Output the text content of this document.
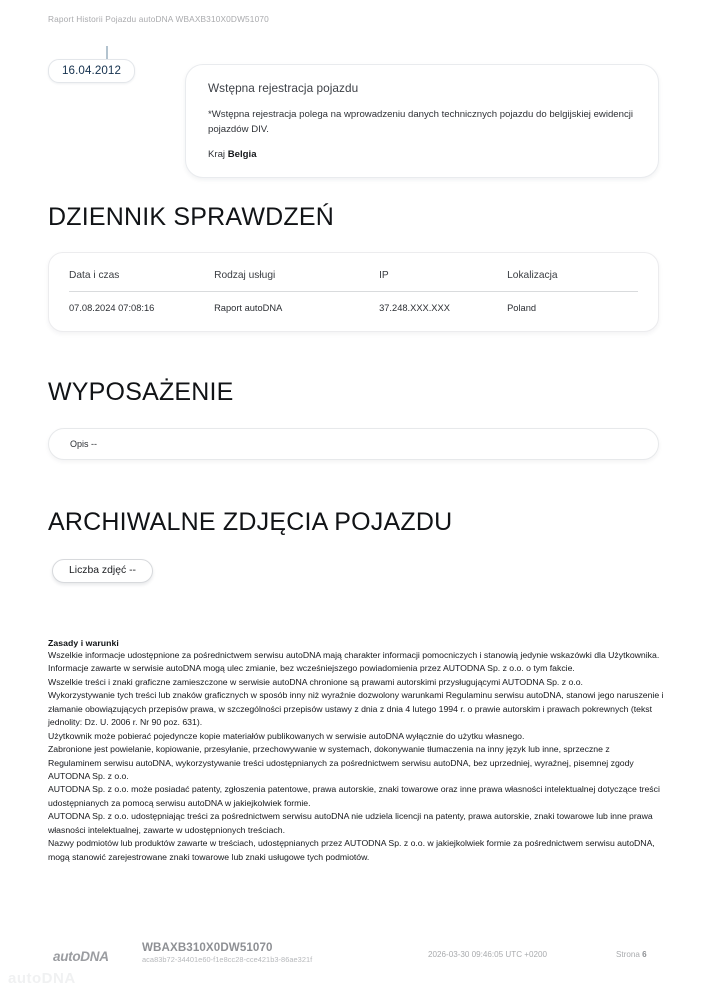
Raport Historii Pojazdu autoDNA WBAXB310X0DW51070
16.04.2012
Wstępna rejestracja pojazdu
*Wstępna rejestracja polega na wprowadzeniu danych technicznych pojazdu do belgijskiej ewidencji pojazdów DIV.
Kraj Belgia
DZIENNIK SPRAWDZEŃ
Data i czas	Rodzaj usługi	IP	Lokalizacja
07.08.2024 07:08:16	Raport autoDNA	37.248.XXX.XXX	Poland
WYPOSAŻENIE
Opis --
ARCHIWALNE ZDJĘCIA POJAZDU
Liczba zdjęć --
Zasady i warunki

Wszelkie informacje udostępnione za pośrednictwem serwisu autoDNA mają charakter informacji pomocniczych i stanowią jedynie wskazówki dla Użytkownika.

Informacje zawarte w serwisie autoDNA mogą ulec zmianie, bez wcześniejszego powiadomienia przez AUTODNA Sp. z o.o. o tym fakcie.

Wszelkie treści i znaki graficzne zamieszczone w serwisie autoDNA chronione są prawami autorskimi przysługującymi AUTODNA Sp. z o.o.

Wykorzystywanie tych treści lub znaków graficznych w sposób inny niż wyraźnie dozwolony warunkami Regulaminu serwisu autoDNA, stanowi jego naruszenie i złamanie obowiązujących przepisów prawa, w szczególności przepisów ustawy z dnia z dnia 4 lutego 1994 r. o prawie autorskim i prawach pokrewnych (tekst jednolity: Dz. U. 2006 r. Nr 90 poz. 631).

Użytkownik może pobierać pojedyncze kopie materiałów publikowanych w serwisie autoDNA wyłącznie do użytku własnego.

Zabronione jest powielanie, kopiowanie, przesyłanie, przechowywanie w systemach, dokonywanie tłumaczenia na inny język lub inne, sprzeczne z Regulaminem serwisu autoDNA, wykorzystywanie treści udostępnianych za pośrednictwem serwisu autoDNA, bez uprzedniej, wyraźnej, pisemnej zgody AUTODNA Sp. z o.o.

AUTODNA Sp. z o.o. może posiadać patenty, zgłoszenia patentowe, prawa autorskie, znaki towarowe oraz inne prawa własności intelektualnej dotyczące treści udostępnianych za pomocą serwisu autoDNA w jakiejkolwiek formie.

AUTODNA Sp. z o.o. udostępniając treści za pośrednictwem serwisu autoDNA nie udziela licencji na patenty, prawa autorskie, znaki towarowe lub inne prawa własności intelektualnej, zawarte w udostępnionych treściach.

Nazwy podmiotów lub produktów zawarte w treściach, udostępnianych przez AUTODNA Sp. z o.o. w jakiejkolwiek formie za pośrednictwem serwisu autoDNA, mogą stanowić zarejestrowane znaki towarowe lub znaki usługowe tych podmiotów.

autoDNA
WBAXB310X0DW51070
aca83b72-34401e60-f1e8cc28-cce421b3-86ae321f
2026-03-30 09:46:05 UTC +0200	Strona 6
autoDNA
